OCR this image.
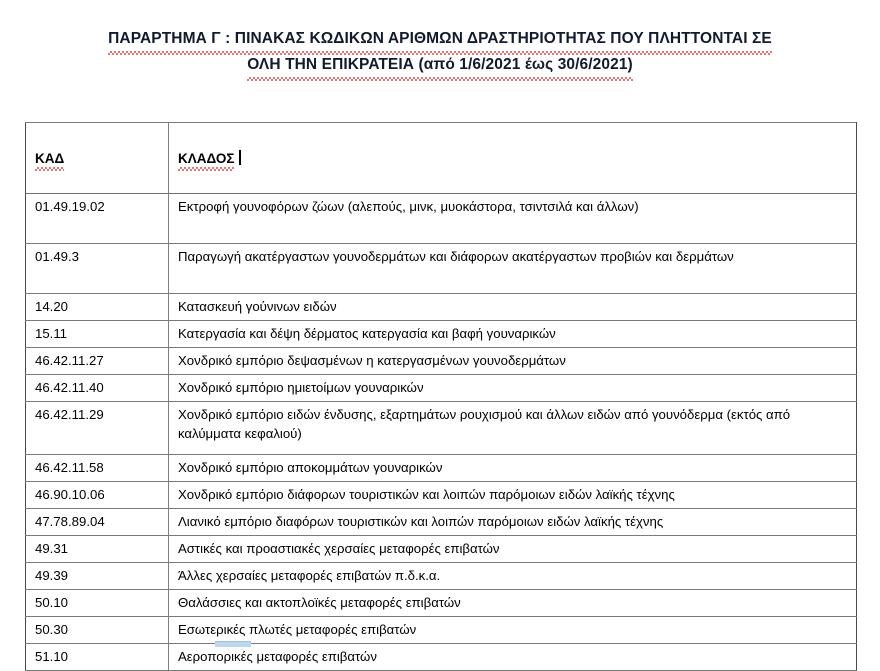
ΠΑΡΑΡΤΗΜΑ Γ : ΠΙΝΑΚΑΣ ΚΩΔΙΚΩΝ ΑΡΙΘΜΩΝ ΔΡΑΣΤΗΡΙΟΤΗΤΑΣ ΠΟΥ ΠΛΗΤΤΟΝΤΑΙ ΣΕ
ΟΛΗ ΤΗΝ ΕΠΙΚΡΑΤΕΙΑ (από 1/6/2021 έως 30/6/2021)
ΚΑΔ	ΚΛΑΔΟΣ
01.49.19.02	Εκτροφή γουνοφόρων ζώων (αλεπούς, μινκ, μυοκάστορα, τσιντσιλά και άλλων)
01.49.3	Παραγωγή ακατέργαστων γουνοδερμάτων και διάφορων ακατέργαστων προβιών και δερμάτων
14.20	Κατασκευή γούνινων ειδών
15.11	Κατεργασία και δέψη δέρματος κατεργασία και βαφή γουναρικών
46.42.11.27	Χονδρικό εμπόριο δεψασμένων η κατεργασμένων γουνοδερμάτων
46.42.11.40	Χονδρικό εμπόριο ημιετοίμων γουναρικών
46.42.11.29	Χονδρικό εμπόριο ειδών ένδυσης, εξαρτημάτων ρουχισμού και άλλων ειδών από γουνόδερμα (εκτός από καλύμματα κεφαλιού)
46.42.11.58	Χονδρικό εμπόριο αποκομμάτων γουναρικών
46.90.10.06	Χονδρικό εμπόριο διάφορων τουριστικών και λοιπών παρόμοιων ειδών λαϊκής τέχνης
47.78.89.04	Λιανικό εμπόριο διαφόρων τουριστικών και λοιπών παρόμοιων ειδών λαϊκής τέχνης
49.31	Αστικές και προαστιακές χερσαίες μεταφορές επιβατών
49.39	Άλλες χερσαίες μεταφορές επιβατών π.δ.κ.α.
50.10	Θαλάσσιες και ακτοπλοϊκές μεταφορές επιβατών
50.30	Εσωτερικές πλωτές μεταφορές επιβατών
51.10	Αεροπορικές μεταφορές επιβατών
